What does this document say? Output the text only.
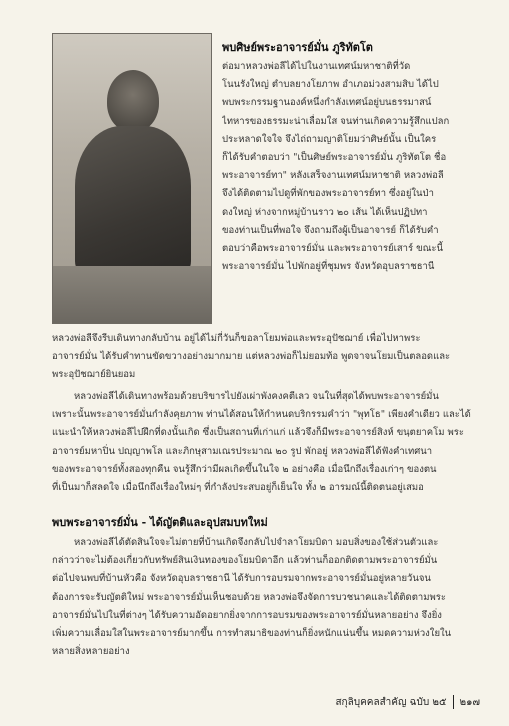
พบศิษย์พระอาจารย์มั่น ภูริทัตโต
ต่อมาหลวงพ่อลีได้ไปในงานเทศน์มหาชาติที่วัด
โนนรังใหญ่ ตำบลยางโยภาพ อำเภอม่วงสามสิบ ได้ไป
พบพระกรรมฐานองค์หนึ่งกำลังเทศน์อยู่บนธรรมาสน์
ไทหารของธรรมะน่าเลื่อมใส จนท่านเกิดความรู้สึกแปลก
ประหลาดใจใจ จึงไถ่ถามญาติโยมว่าศิษย์นั้น เป็นใคร
ก็ได้รับคำตอบว่า "เป็นศิษย์พระอาจารย์มั่น ภูริทัตโต ชื่อ
พระอาจารย์ทา" หลังเสร็จงานเทศน์มหาชาติ หลวงพ่อลี
จึงได้ติดตามไปดูที่พักของพระอาจารย์ทา ซึ่งอยู่ในป่า
ดงใหญ่ ห่างจากหมู่บ้านราว ๒๐ เส้น ได้เห็นปฏิปทา
ของท่านเป็นที่พอใจ จึงถามถึงผู้เป็นอาจารย์ ก็ได้รับคำ
ตอบว่าคือพระอาจารย์มั่น และพระอาจารย์เสาร์ ขณะนี้
พระอาจารย์มั่น ไปพักอยู่ที่ชุมพร จังหวัดอุบลราชธานี
หลวงพ่อลีจึงรีบเดินทางกลับบ้าน อยู่ได้ไม่กี่วันก็ขอลาโยมพ่อและพระอุปัชฌาย์ เพื่อไปหาพระ
อาจารย์มั่น ได้รับคำทานขัดขวางอย่างมากมาย แต่หลวงพ่อก็ไม่ยอมท้อ พูดจาจนโยมเป็นตลอดและ
พระอุปัชฌาย์ยินยอม
หลวงพ่อลีได้เดินทางพร้อมด้วยบริขารไปยังเผ่าพังคงคตีเลว จนในที่สุดได้พบพระอาจารย์มั่น
เพราะนั้นพระอาจารย์มั่นกำลังคุยภาพ ท่านได้สอนให้กำหนดบริกรรมคำว่า "พุทโธ" เพียงคำเดียว และได้
แนะนำให้หลวงพ่อลีไปฝึกที่ดงนั้นเกิด ซึ่งเป็นสถานที่เก่าแก่ แล้วจึงก็มีพระอาจารย์สิงห์ ขนฺตยาคโม พระ
อาจารย์มหาปิ่น ปญฺญาพโล และภิกษุสามเณรประมาณ ๒๐ รูป พักอยู่ หลวงพ่อลีได้ฟังคำเทศนา
ของพระอาจารย์ทั้งสองทุกคืน จนรู้สึกว่ามีผลเกิดขึ้นในใจ ๒ อย่างคือ เมื่อนึกถึงเรื่องเก่าๆ ของตน
ที่เป็นมาก็สลดใจ เมื่อนึกถึงเรื่องใหม่ๆ ที่กำลังประสบอยู่ก็เย็นใจ ทั้ง ๒ อารมณ์นี้ติดตนอยู่เสมอ
พบพระอาจารย์มั่น - ได้ญัตติและอุปสมบทใหม่
หลวงพ่อลีได้ตัดสินใจจะไม่ตายที่บ้านเกิดจึงกลับไปจำลาโยมบิดา มอบสิ่งของใช้ส่วนตัวและ
กล่าวว่าจะไม่ต้องเกี่ยวกับทรัพย์สินเงินทองของโยมบิดาอีก แล้วท่านก็ออกติดตามพระอาจารย์มั่น
ต่อไปจนพบที่บ้านหัวคือ จังหวัดอุบลราชธานี ได้รับการอบรมจากพระอาจารย์มั่นอยู่หลายวันจน
ต้องการจะรับญัตติใหม่ พระอาจารย์มั่นเห็นชอบด้วย หลวงพ่อจึงจัดการบวชนาคและได้ติดตามพระ
อาจารย์มั่นไปในที่ต่างๆ ได้รับความอัดอยากยิ่งจากการอบรมของพระอาจารย์มั่นหลายอย่าง จึงยิ่ง
เพิ่มความเลื่อมใสในพระอาจารย์มากขึ้น การทำสมาธิของท่านก็ยิ่งหนักแน่นขึ้น หมดความห่วงใยใน
หลายสิ่งหลายอย่าง
สกุลิบุคคลสำคัญ ฉบับ ๒๕ ๒๑๗
